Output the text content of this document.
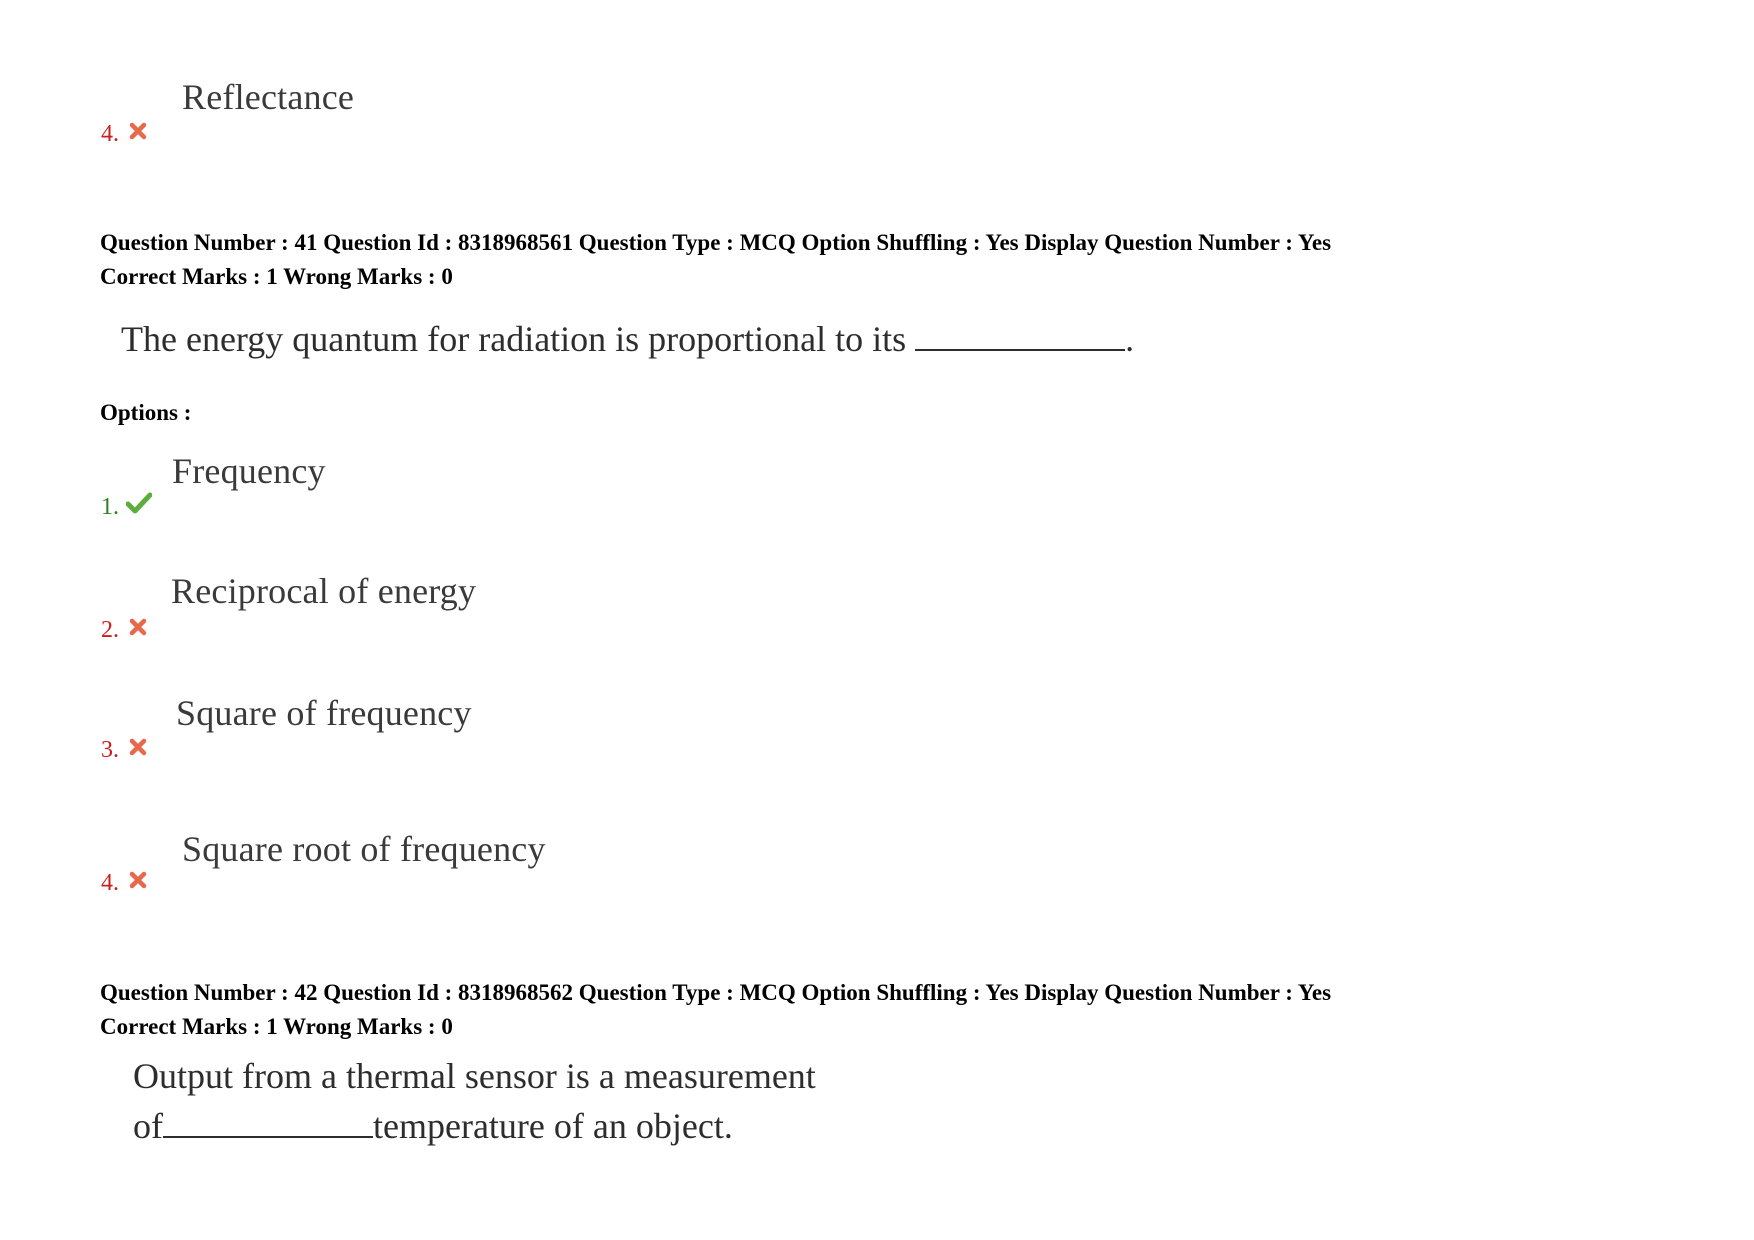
Reflectance
4.
Question Number : 41 Question Id : 8318968561 Question Type : MCQ Option Shuffling : Yes Display Question Number : Yes
Correct Marks : 1 Wrong Marks : 0
The energy quantum for radiation is proportional to its	.
Options :
Frequency
1.
Reciprocal of energy
2.
Square of frequency
3.
Square root of frequency
4.
Question Number : 42 Question Id : 8318968562 Question Type : MCQ Option Shuffling : Yes Display Question Number : Yes
Correct Marks : 1 Wrong Marks : 0
Output from a thermal sensor is a measurement
of	temperature of an object.
